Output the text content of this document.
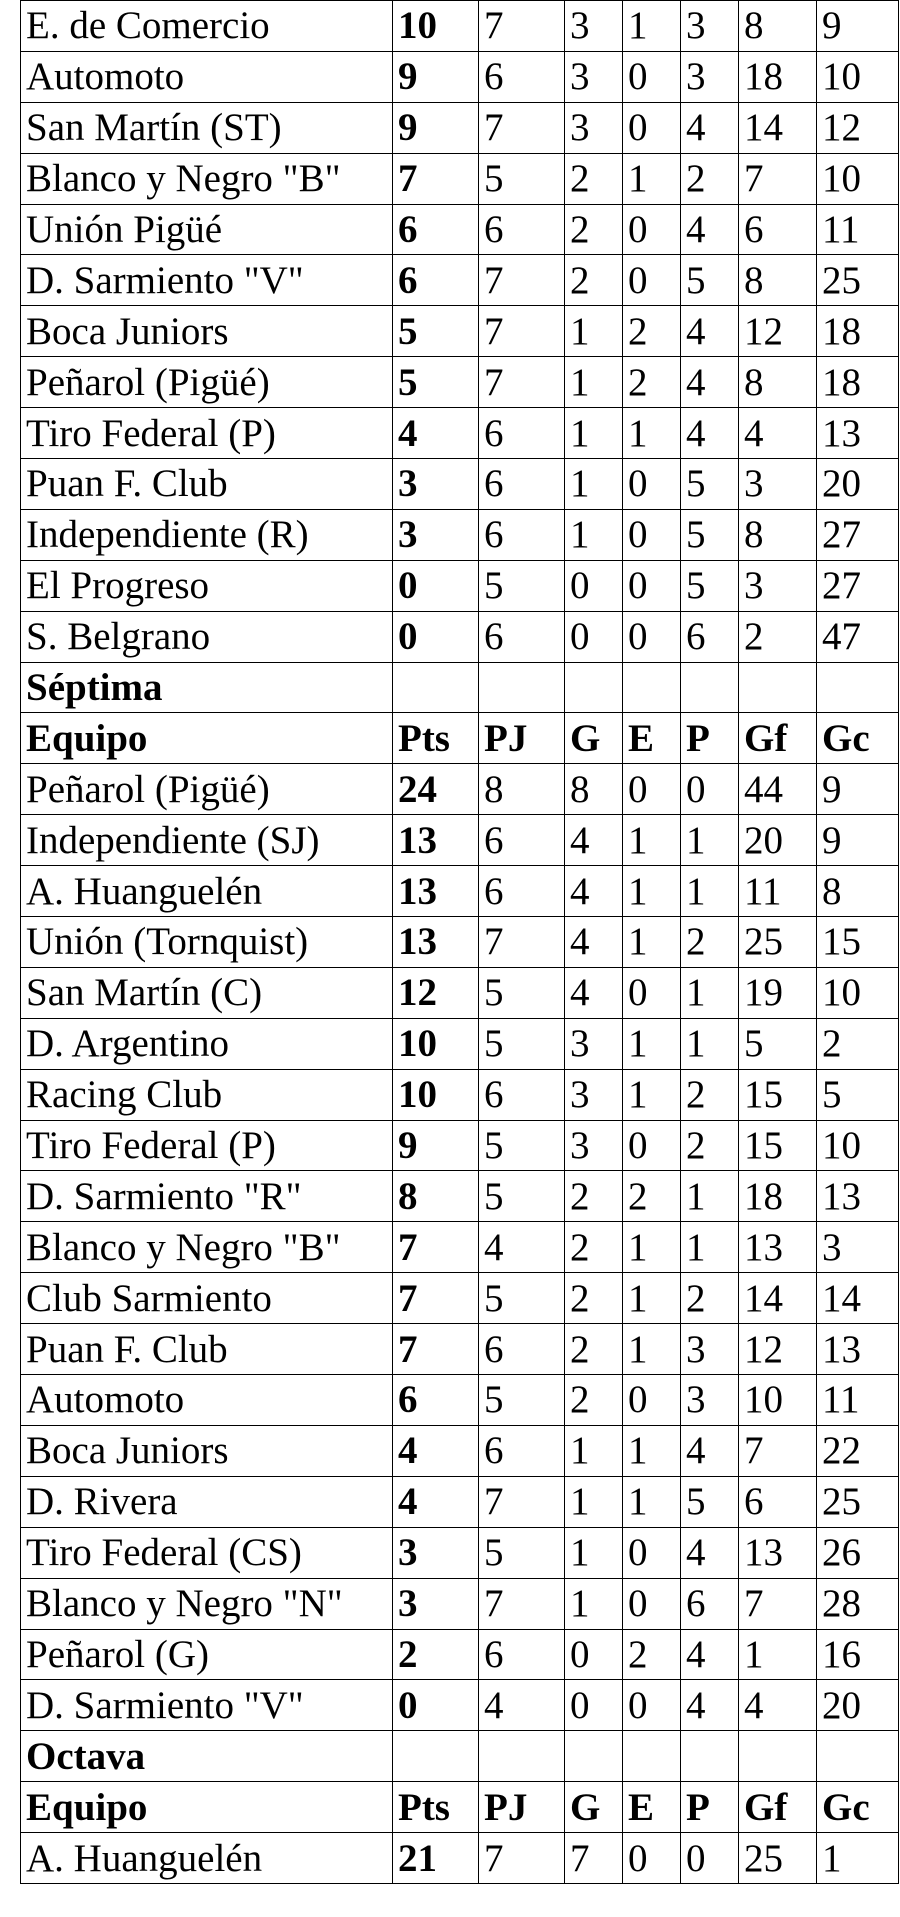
E. de Comercio	10	7	3	1	3	8	9
Automoto	9	6	3	0	3	18	10
San Martín (ST)	9	7	3	0	4	14	12
Blanco y Negro "B"	7	5	2	1	2	7	10
Unión Pigüé	6	6	2	0	4	6	11
D. Sarmiento "V"	6	7	2	0	5	8	25
Boca Juniors	5	7	1	2	4	12	18
Peñarol (Pigüé)	5	7	1	2	4	8	18
Tiro Federal (P)	4	6	1	1	4	4	13
Puan F. Club	3	6	1	0	5	3	20
Independiente (R)	3	6	1	0	5	8	27
El Progreso	0	5	0	0	5	3	27
S. Belgrano	0	6	0	0	6	2	47
Séptima							
Equipo	Pts	PJ	G	E	P	Gf	Gc
Peñarol (Pigüé)	24	8	8	0	0	44	9
Independiente (SJ)	13	6	4	1	1	20	9
A. Huanguelén	13	6	4	1	1	11	8
Unión (Tornquist)	13	7	4	1	2	25	15
San Martín (C)	12	5	4	0	1	19	10
D. Argentino	10	5	3	1	1	5	2
Racing Club	10	6	3	1	2	15	5
Tiro Federal (P)	9	5	3	0	2	15	10
D. Sarmiento "R"	8	5	2	2	1	18	13
Blanco y Negro "B"	7	4	2	1	1	13	3
Club Sarmiento	7	5	2	1	2	14	14
Puan F. Club	7	6	2	1	3	12	13
Automoto	6	5	2	0	3	10	11
Boca Juniors	4	6	1	1	4	7	22
D. Rivera	4	7	1	1	5	6	25
Tiro Federal (CS)	3	5	1	0	4	13	26
Blanco y Negro "N"	3	7	1	0	6	7	28
Peñarol (G)	2	6	0	2	4	1	16
D. Sarmiento "V"	0	4	0	0	4	4	20
Octava							
Equipo	Pts	PJ	G	E	P	Gf	Gc
A. Huanguelén	21	7	7	0	0	25	1
